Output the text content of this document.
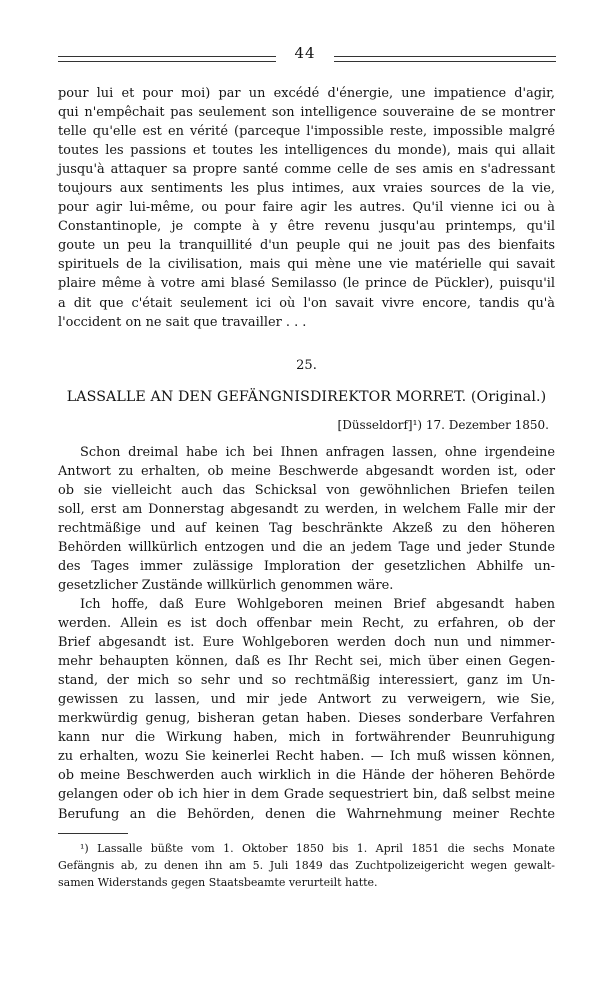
44
pour lui et pour moi) par un excédé d'énergie, une impatience d'agir,
qui n'empêchait pas seulement son intelligence souveraine de se montrer
telle qu'elle est en vérité (parceque l'impossible reste, impossible malgré
toutes les passions et toutes les intelligences du monde), mais qui allait
jusqu'à attaquer sa propre santé comme celle de ses amis en s'adressant
toujours aux sentiments les plus intimes, aux vraies sources de la vie,
pour agir lui-même, ou pour faire agir les autres. Qu'il vienne ici ou à
Constantinople, je compte à y être revenu jusqu'au printemps, qu'il
goute un peu la tranquillité d'un peuple qui ne jouit pas des bienfaits
spirituels de la civilisation, mais qui mène une vie matérielle qui savait
plaire même à votre ami blasé Semilasso (le prince de Pückler), puisqu'il
a dit que c'était seulement ici où l'on savait vivre encore, tandis qu'à
l'occident on ne sait que travailler . . .
25.
LASSALLE AN DEN GEFÄNGNISDIREKTOR MORRET. (Original.)
[Düsseldorf]¹) 17. Dezember 1850.
Schon dreimal habe ich bei Ihnen anfragen lassen, ohne irgendeine
Antwort zu erhalten, ob meine Beschwerde abgesandt worden ist, oder
ob sie vielleicht auch das Schicksal von gewöhnlichen Briefen teilen
soll, erst am Donnerstag abgesandt zu werden, in welchem Falle mir der
rechtmäßige und auf keinen Tag beschränkte Akzeß zu den höheren
Behörden willkürlich entzogen und die an jedem Tage und jeder Stunde
des Tages immer zulässige Imploration der gesetzlichen Abhilfe un-
gesetzlicher Zustände willkürlich genommen wäre.
Ich hoffe, daß Eure Wohlgeboren meinen Brief abgesandt haben
werden. Allein es ist doch offenbar mein Recht, zu erfahren, ob der
Brief abgesandt ist. Eure Wohlgeboren werden doch nun und nimmer-
mehr behaupten können, daß es Ihr Recht sei, mich über einen Gegen-
stand, der mich so sehr und so rechtmäßig interessiert, ganz im Un-
gewissen zu lassen, und mir jede Antwort zu verweigern, wie Sie,
merkwürdig genug, bisheran getan haben. Dieses sonderbare Verfahren
kann nur die Wirkung haben, mich in fortwährender Beunruhigung
zu erhalten, wozu Sie keinerlei Recht haben. — Ich muß wissen können,
ob meine Beschwerden auch wirklich in die Hände der höheren Behörde
gelangen oder ob ich hier in dem Grade sequestriert bin, daß selbst meine
Berufung an die Behörden, denen die Wahrnehmung meiner Rechte
¹) Lassalle büßte vom 1. Oktober 1850 bis 1. April 1851 die sechs Monate
Gefängnis ab, zu denen ihn am 5. Juli 1849 das Zuchtpolizeigericht wegen gewalt-
samen Widerstands gegen Staatsbeamte verurteilt hatte.
